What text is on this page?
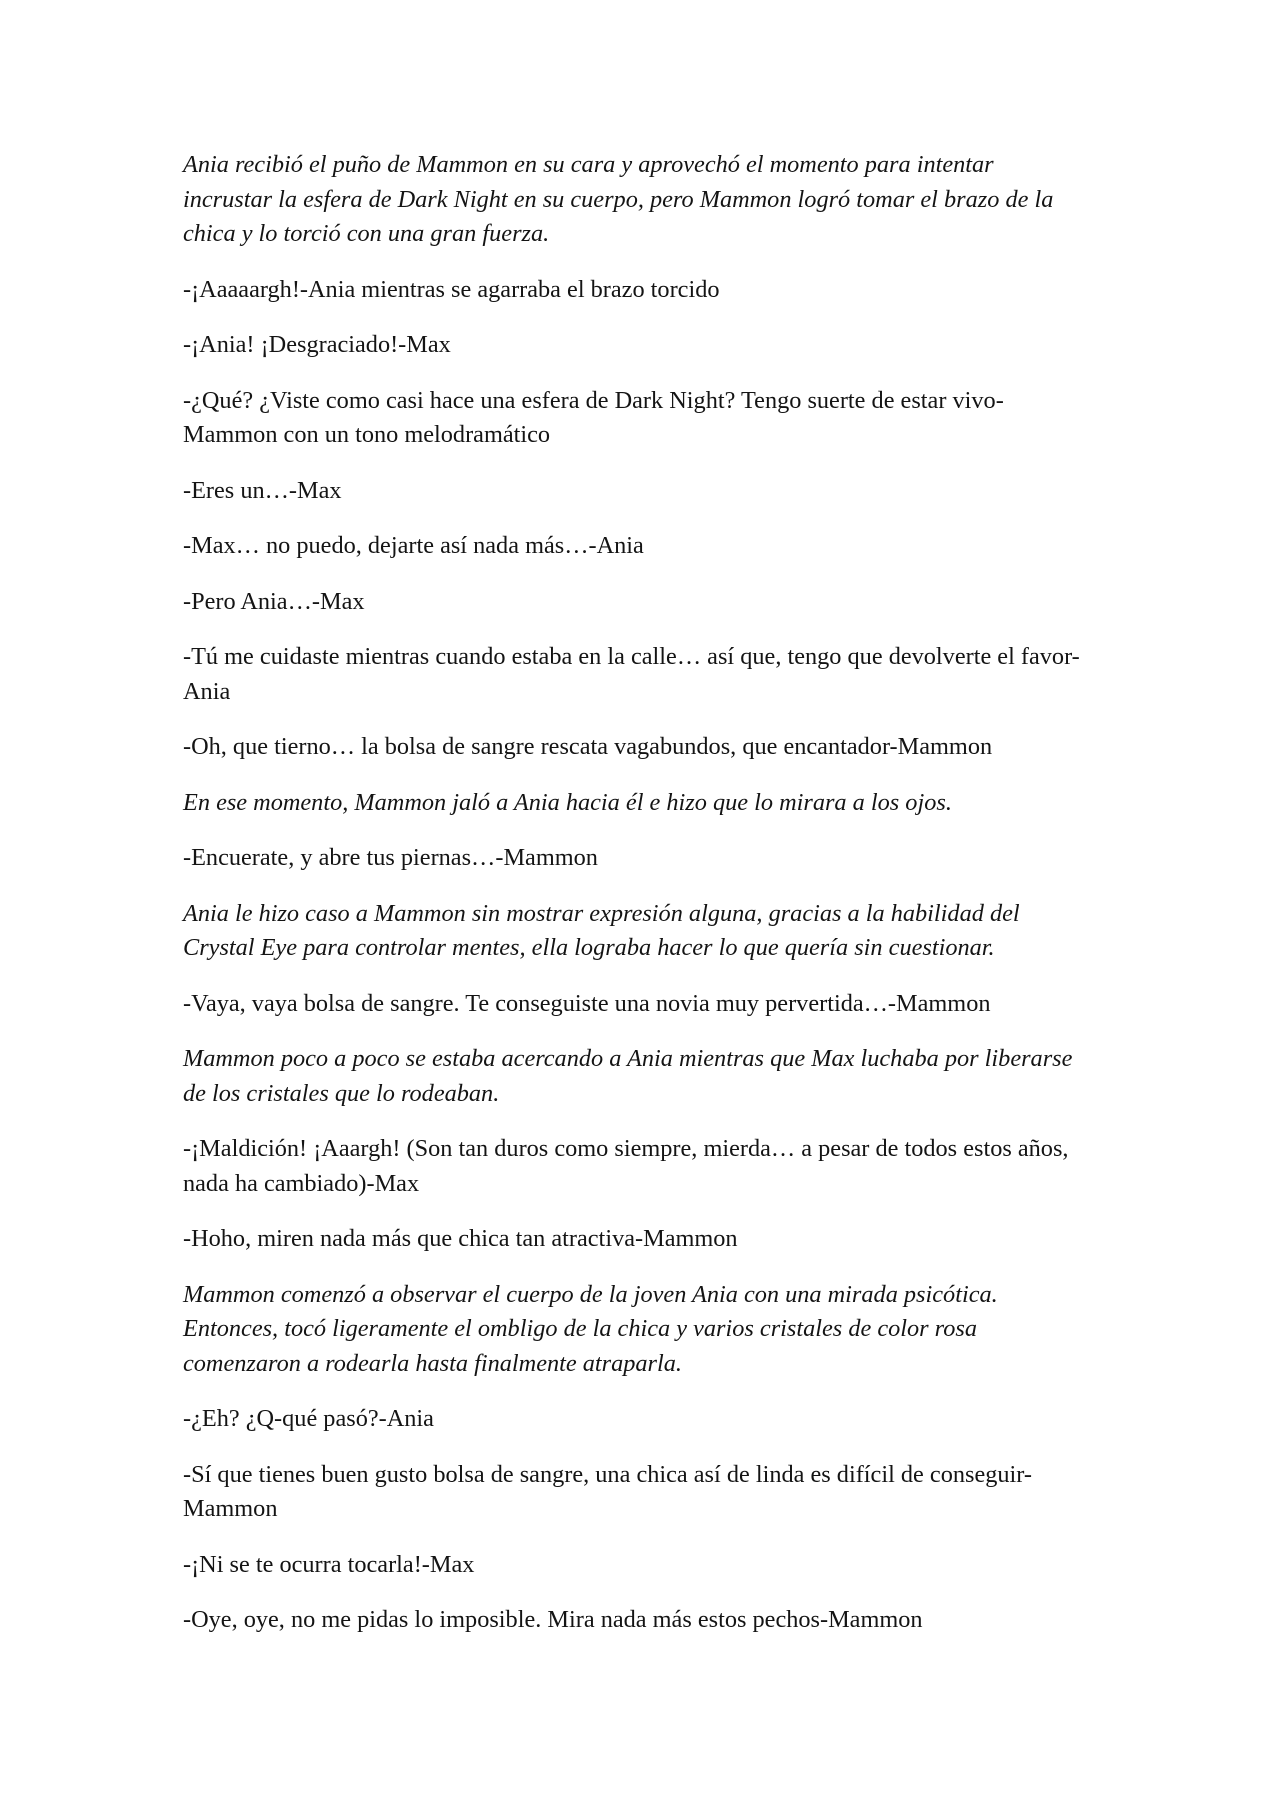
Ania recibió el puño de Mammon en su cara y aprovechó el momento para intentar incrustar la esfera de Dark Night en su cuerpo, pero Mammon logró tomar el brazo de la chica y lo torció con una gran fuerza.

-¡Aaaaargh!-Ania mientras se agarraba el brazo torcido

-¡Ania! ¡Desgraciado!-Max

-¿Qué? ¿Viste como casi hace una esfera de Dark Night? Tengo suerte de estar vivo-Mammon con un tono melodramático

-Eres un…-Max

-Max… no puedo, dejarte así nada más…-Ania

-Pero Ania…-Max

-Tú me cuidaste mientras cuando estaba en la calle… así que, tengo que devolverte el favor-Ania

-Oh, que tierno… la bolsa de sangre rescata vagabundos, que encantador-Mammon

En ese momento, Mammon jaló a Ania hacia él e hizo que lo mirara a los ojos.

-Encuerate, y abre tus piernas…-Mammon

Ania le hizo caso a Mammon sin mostrar expresión alguna, gracias a la habilidad del Crystal Eye para controlar mentes, ella lograba hacer lo que quería sin cuestionar.

-Vaya, vaya bolsa de sangre. Te conseguiste una novia muy pervertida…-Mammon

Mammon poco a poco se estaba acercando a Ania mientras que Max luchaba por liberarse de los cristales que lo rodeaban.

-¡Maldición! ¡Aaargh! (Son tan duros como siempre, mierda… a pesar de todos estos años, nada ha cambiado)-Max

-Hoho, miren nada más que chica tan atractiva-Mammon

Mammon comenzó a observar el cuerpo de la joven Ania con una mirada psicótica. Entonces, tocó ligeramente el ombligo de la chica y varios cristales de color rosa comenzaron a rodearla hasta finalmente atraparla.

-¿Eh? ¿Q-qué pasó?-Ania

-Sí que tienes buen gusto bolsa de sangre, una chica así de linda es difícil de conseguir-Mammon

-¡Ni se te ocurra tocarla!-Max

-Oye, oye, no me pidas lo imposible. Mira nada más estos pechos-Mammon
